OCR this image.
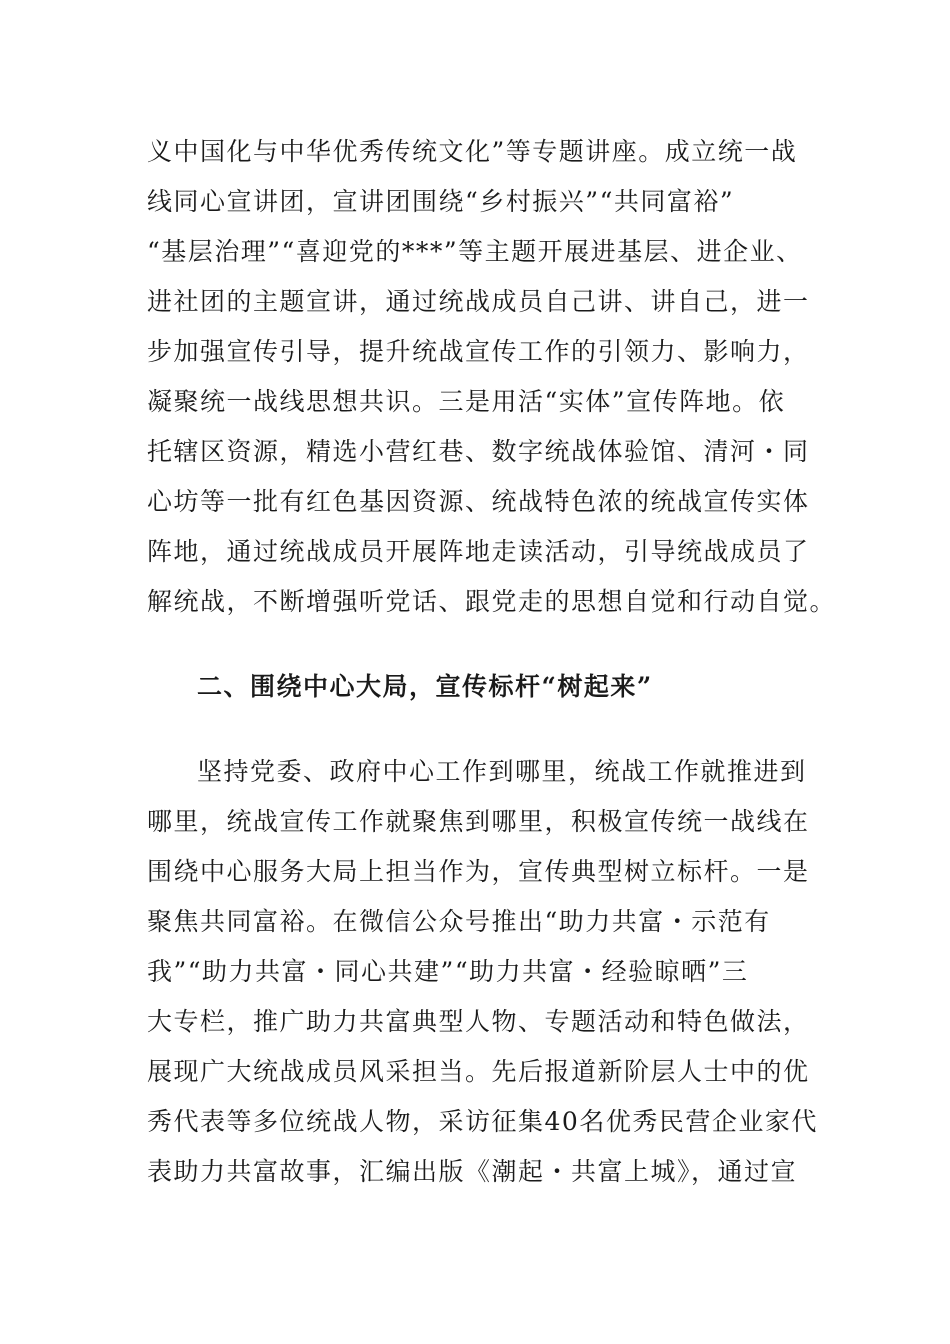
义中国化与中华优秀传统文化”等专题讲座。成立统一战
线同心宣讲团，宣讲团围绕“乡村振兴”“共同富裕”
“基层治理”“喜迎党的***”等主题开展进基层、进企业、
进社团的主题宣讲，通过统战成员自己讲、讲自己，进一
步加强宣传引导，提升统战宣传工作的引领力、影响力，
凝聚统一战线思想共识。三是用活“实体”宣传阵地。依
托辖区资源，精选小营红巷、数字统战体验馆、清河・同
心坊等一批有红色基因资源、统战特色浓的统战宣传实体
阵地，通过统战成员开展阵地走读活动，引导统战成员了
解统战，不断增强听党话、跟党走的思想自觉和行动自觉。
二、围绕中心大局，宣传标杆“树起来”
坚持党委、政府中心工作到哪里，统战工作就推进到
哪里，统战宣传工作就聚焦到哪里，积极宣传统一战线在
围绕中心服务大局上担当作为，宣传典型树立标杆。一是
聚焦共同富裕。在微信公众号推出“助力共富・示范有
我”“助力共富・同心共建”“助力共富・经验晾晒”三
大专栏，推广助力共富典型人物、专题活动和特色做法，
展现广大统战成员风采担当。先后报道新阶层人士中的优
秀代表等多位统战人物，采访征集40名优秀民营企业家代
表助力共富故事，汇编出版《潮起・共富上城》，通过宣
